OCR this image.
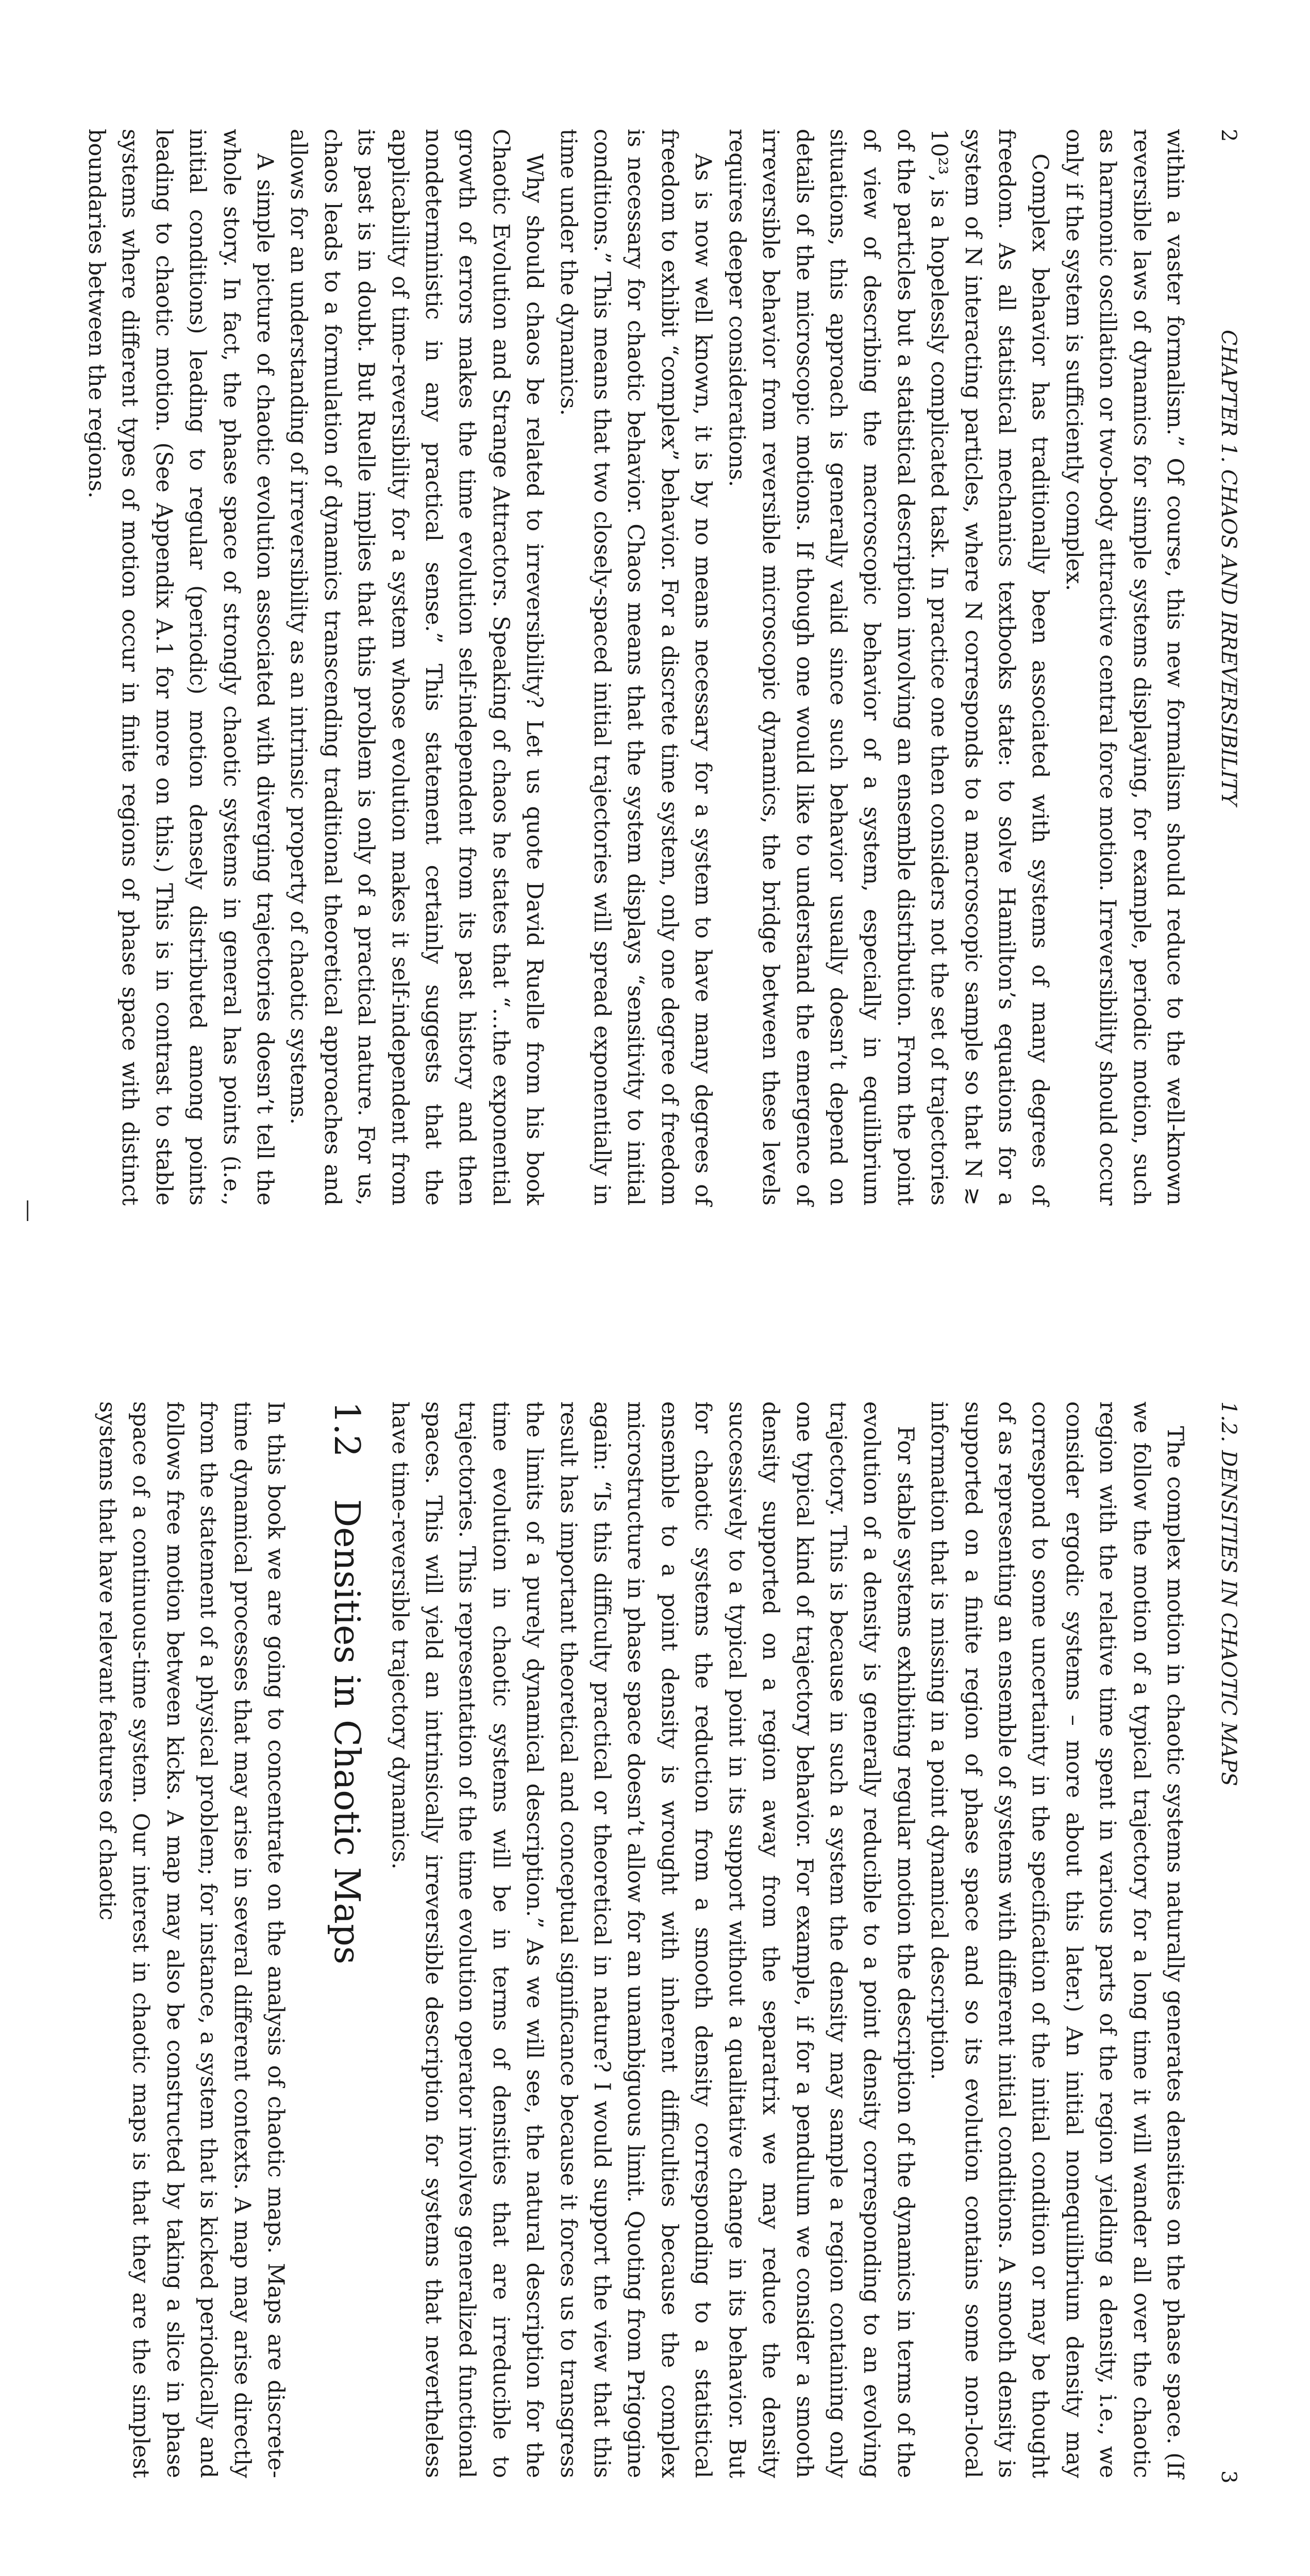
2
CHAPTER 1. CHAOS AND IRREVERSIBILITY

within a vaster formalism.” Of course, this new formalism should reduce to the well-known reversible laws of dynamics for simple systems displaying, for example, periodic motion, such as harmonic oscillation or two-body attractive central force motion. Irreversibility should occur only if the system is sufficiently complex.

Complex behavior has traditionally been associated with systems of many degrees of freedom. As all statistical mechanics textbooks state: to solve Hamilton’s equations for a system of N interacting particles, where N corresponds to a macroscopic sample so that N ≳ 10²³, is a hopelessly complicated task. In practice one then considers not the set of trajectories of the particles but a statistical description involving an ensemble distribution. From the point of view of describing the macroscopic behavior of a system, especially in equilibrium situations, this approach is generally valid since such behavior usually doesn’t depend on details of the microscopic motions. If though one would like to understand the emergence of irreversible behavior from reversible microscopic dynamics, the bridge between these levels requires deeper considerations.

As is now well known, it is by no means necessary for a system to have many degrees of freedom to exhibit “complex” behavior. For a discrete time system, only one degree of freedom is necessary for chaotic behavior. Chaos means that the system displays “sensitivity to initial conditions.” This means that two closely-spaced initial trajectories will spread exponentially in time under the dynamics.

Why should chaos be related to irreversibility? Let us quote David Ruelle from his book Chaotic Evolution and Strange Attractors. Speaking of chaos he states that “…the exponential growth of errors makes the time evolution self-independent from its past history and then nondeterministic in any practical sense.” This statement certainly suggests that the applicability of time-reversibility for a system whose evolution makes it self-independent from its past is in doubt. But Ruelle implies that this problem is only of a practical nature. For us, chaos leads to a formulation of dynamics transcending traditional theoretical approaches and allows for an understanding of irreversibility as an intrinsic property of chaotic systems.

A simple picture of chaotic evolution associated with diverging trajectories doesn’t tell the whole story. In fact, the phase space of strongly chaotic systems in general has points (i.e., initial conditions) leading to regular (periodic) motion densely distributed among points leading to chaotic motion. (See Appendix A.1 for more on this.) This is in contrast to stable systems where different types of motion occur in finite regions of phase space with distinct boundaries between the regions.

1.2.
DENSITIES IN CHAOTIC MAPS
3

The complex motion in chaotic systems naturally generates densities on the phase space. (If we follow the motion of a typical trajectory for a long time it will wander all over the chaotic region with the relative time spent in various parts of the region yielding a density, i.e., we consider ergodic systems – more about this later.) An initial nonequilibrium density may correspond to some uncertainty in the specification of the initial condition or may be thought of as representing an ensemble of systems with different initial conditions. A smooth density is supported on a finite region of phase space and so its evolution contains some non-local information that is missing in a point dynamical description.

For stable systems exhibiting regular motion the description of the dynamics in terms of the evolution of a density is generally reducible to a point density corresponding to an evolving trajectory. This is because in such a system the density may sample a region containing only one typical kind of trajectory behavior. For example, if for a pendulum we consider a smooth density supported on a region away from the separatrix we may reduce the density successively to a typical point in its support without a qualitative change in its behavior. But for chaotic systems the reduction from a smooth density corresponding to a statistical ensemble to a point density is wrought with inherent difficulties because the complex microstructure in phase space doesn’t allow for an unambiguous limit. Quoting from Prigogine again: “Is this difficulty practical or theoretical in nature? I would support the view that this result has important theoretical and conceptual significance because it forces us to transgress the limits of a purely dynamical description.” As we will see, the natural description for the time evolution in chaotic systems will be in terms of densities that are irreducible to trajectories. This representation of the time evolution operator involves generalized functional spaces. This will yield an intrinsically irreversible description for systems that nevertheless have time-reversible trajectory dynamics.

1.2 Densities in Chaotic Maps

In this book we are going to concentrate on the analysis of chaotic maps. Maps are discrete-time dynamical processes that may arise in several different contexts. A map may arise directly from the statement of a physical problem; for instance, a system that is kicked periodically and follows free motion between kicks. A map may also be constructed by taking a slice in phase space of a continuous-time system. Our interest in chaotic maps is that they are the simplest systems that have relevant features of chaotic
